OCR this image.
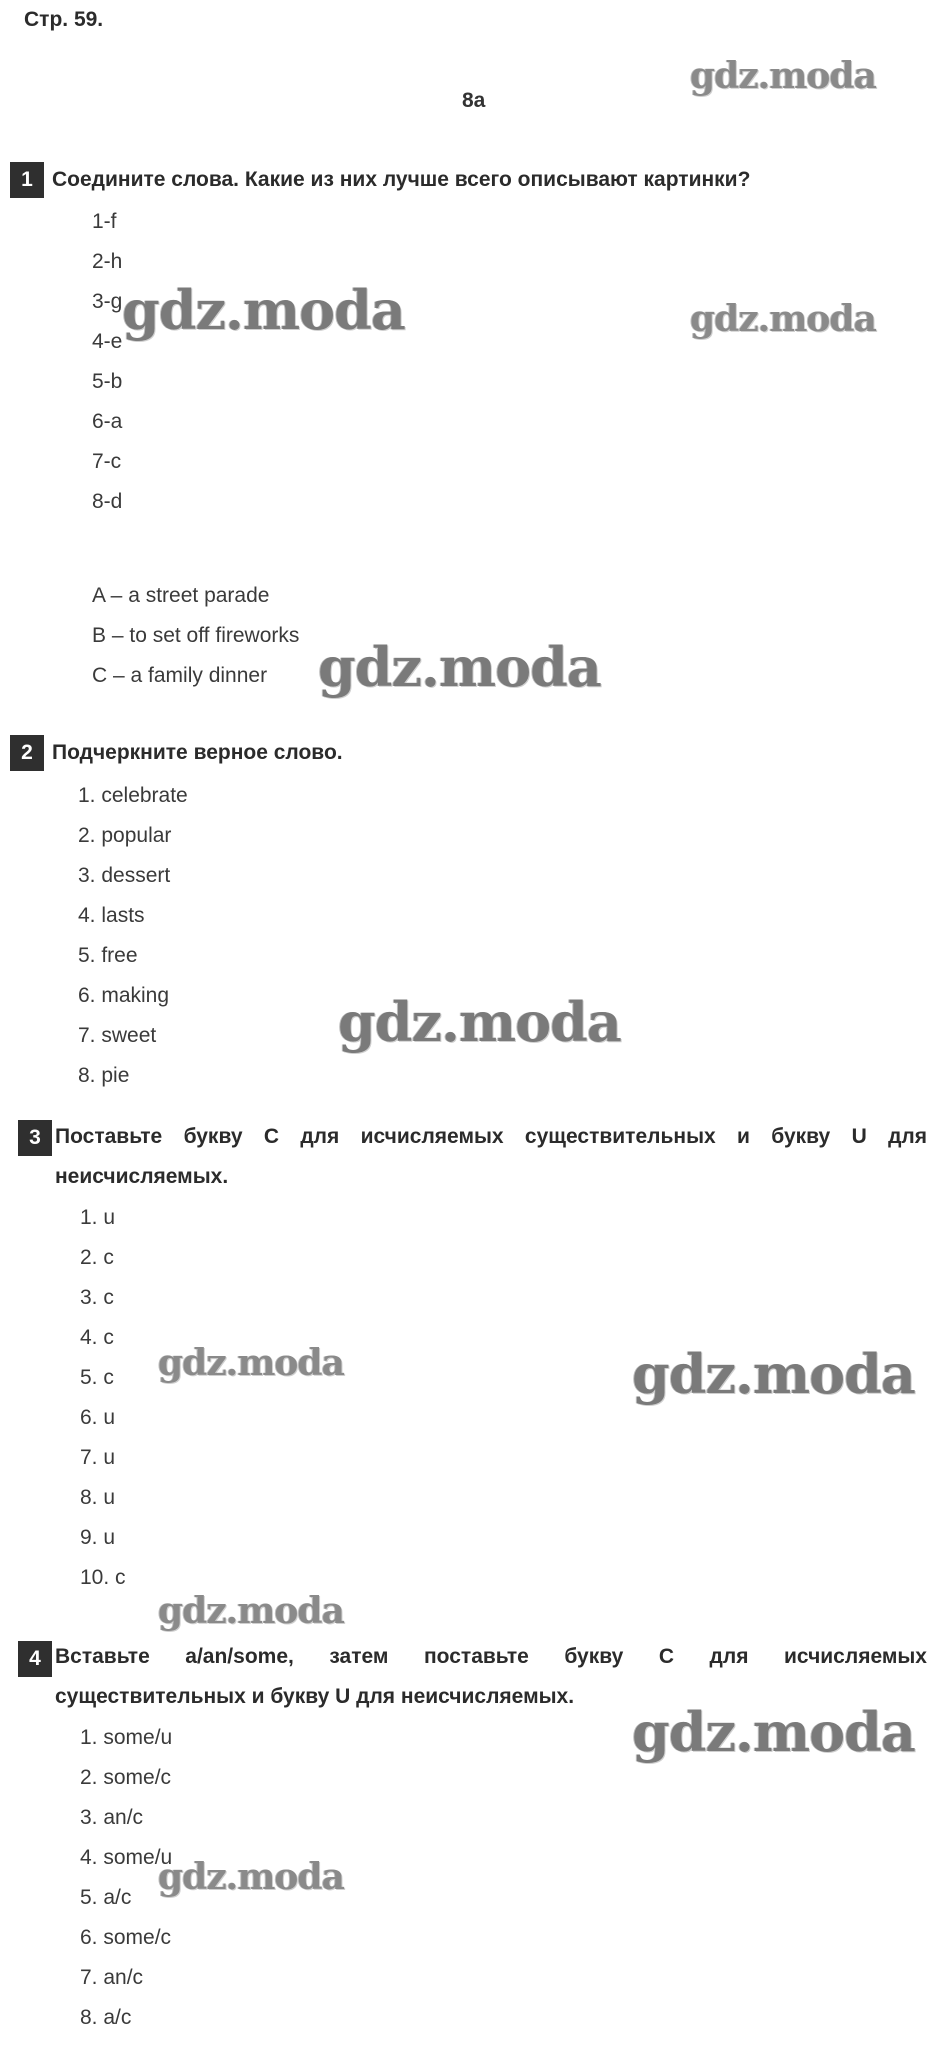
Стр. 59.
8a
1 Соедините слова. Какие из них лучше всего описывают картинки?
1-f
2-h
3-g
4-e
5-b
6-a
7-c
8-d
A – a street parade
B – to set off fireworks
C – a family dinner
2 Подчеркните верное слово.
1. celebrate
2. popular
3. dessert
4. lasts
5. free
6. making
7. sweet
8. pie
3 Поставьте букву С для исчисляемых существительных и букву U для
неисчисляемых.
1. u
2. c
3. c
4. c
5. c
6. u
7. u
8. u
9. u
10. c
4 Вставьте a/an/some, затем поставьте букву С для исчисляемых
существительных и букву U для неисчисляемых.
1. some/u
2. some/c
3. an/c
4. some/u
5. a/c
6. some/c
7. an/c
8. a/c
gdz.moda
gdz.moda	gdz.moda
gdz.moda
gdz.moda
gdz.moda	gdz.moda
gdz.moda
gdz.moda
gdz.moda
